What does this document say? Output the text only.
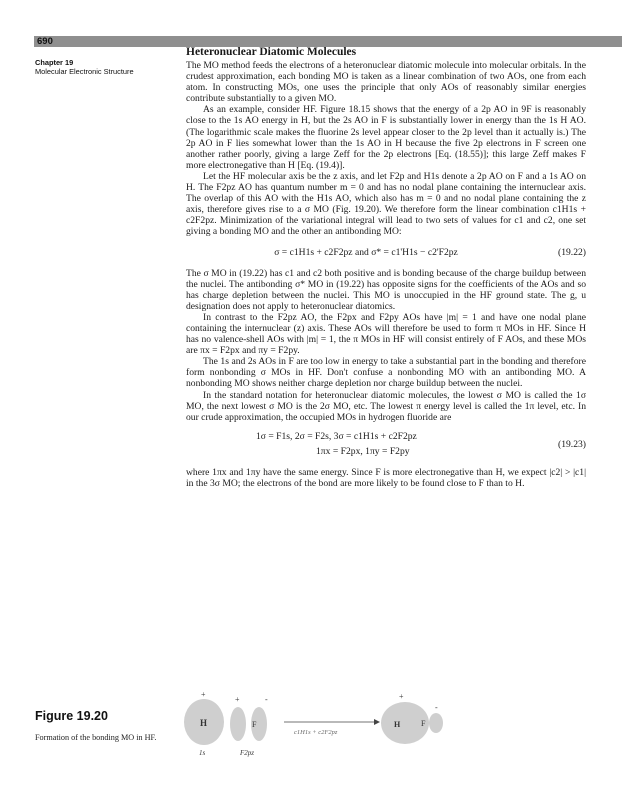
690
Chapter 19
Molecular Electronic Structure
Heteronuclear Diatomic Molecules

The MO method feeds the electrons of a heteronuclear diatomic molecule into molecular orbitals. In the crudest approximation, each bonding MO is taken as a linear combination of two AOs, one from each atom. In constructing MOs, one uses the principle that only AOs of reasonably similar energies contribute substantially to a given MO.

As an example, consider HF. Figure 18.15 shows that the energy of a 2p AO in 9F is reasonably close to the 1s AO energy in H, but the 2s AO in F is substantially lower in energy than the 1s H AO. (The logarithmic scale makes the fluorine 2s level appear closer to the 2p level than it actually is.) The 2p AO in F lies somewhat lower than the 1s AO in H because the five 2p electrons in F screen one another rather poorly, giving a large Zeff for the 2p electrons [Eq. (18.55)]; this large Zeff makes F more electronegative than H [Eq. (19.4)].

Let the HF molecular axis be the z axis, and let F2p and H1s denote a 2p AO on F and a 1s AO on H. The F2pz AO has quantum number m = 0 and has no nodal plane containing the internuclear axis. The overlap of this AO with the H1s AO, which also has m = 0 and no nodal plane containing the z axis, therefore gives rise to a σ MO (Fig. 19.20). We therefore form the linear combination c1H1s + c2F2pz. Minimization of the variational integral will lead to two sets of values for c1 and c2, one set giving a bonding MO and the other an antibonding MO:

σ = c1H1s + c2F2pz and σ* = c1'H1s − c2'F2pz	(19.22)

The σ MO in (19.22) has c1 and c2 both positive and is bonding because of the charge buildup between the nuclei. The antibonding σ* MO in (19.22) has opposite signs for the coefficients of the AOs and so has charge depletion between the nuclei. This MO is unoccupied in the HF ground state. The g, u designation does not apply to heteronuclear diatomics.

In contrast to the F2pz AO, the F2px and F2py AOs have |m| = 1 and have one nodal plane containing the internuclear (z) axis. These AOs will therefore be used to form π MOs in HF. Since H has no valence-shell AOs with |m| = 1, the π MOs in HF will consist entirely of F AOs, and these MOs are πx = F2px and πy = F2py.

The 1s and 2s AOs in F are too low in energy to take a substantial part in the bonding and therefore form nonbonding σ MOs in HF. Don't confuse a nonbonding MO with an antibonding MO. A nonbonding MO shows neither charge depletion nor charge buildup between the nuclei.

In the standard notation for heteronuclear diatomic molecules, the lowest σ MO is called the 1σ MO, the next lowest σ MO is the 2σ MO, etc. The lowest π energy level is called the 1π level, etc. In our crude approximation, the occupied MOs in hydrogen fluoride are

1σ = F1s, 2σ = F2s, 3σ = c1H1s + c2F2pz
1πx = F2px, 1πy = F2py
(19.23)

where 1πx and 1πy have the same energy. Since F is more electronegative than H, we expect |c2| > |c1| in the 3σ MO; the electrons of the bond are more likely to be found close to F than to H.

Figure 19.20
Formation of the bonding MO in HF.
H
+
1s
F
+	-
F2pz
c1H1s + c2F2pz
H	F
+
-
